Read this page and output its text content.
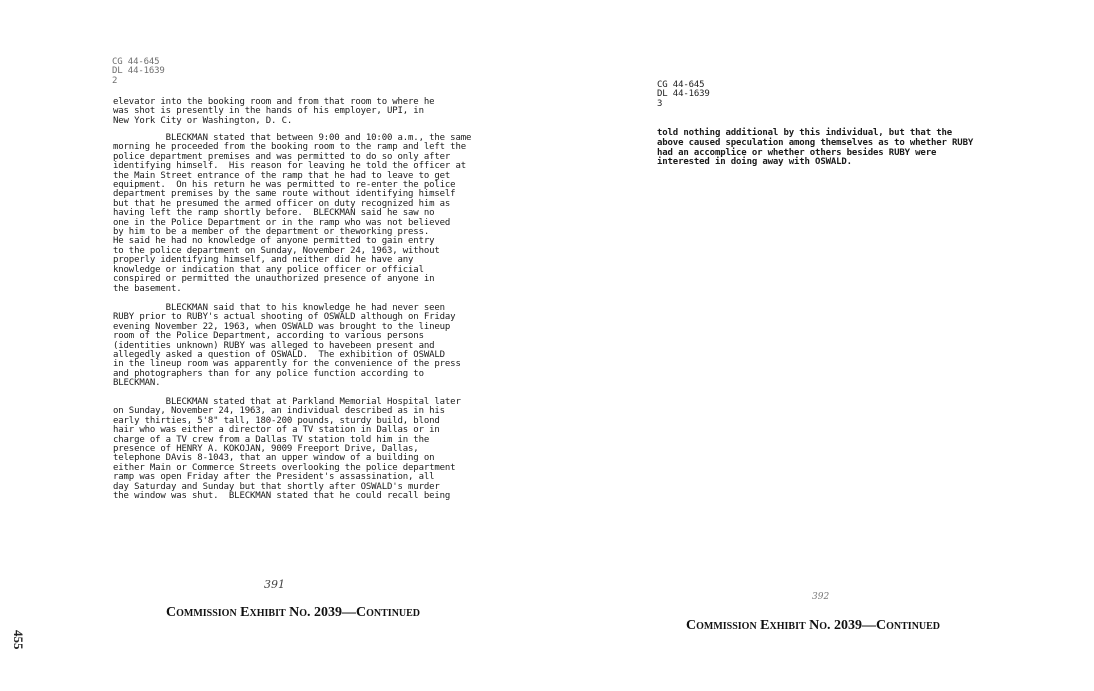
CG 44-645
DL 44-1639
2
elevator into the booking room and from that room to where he
was shot is presently in the hands of his employer, UPI, in
New York City or Washington, D. C.
BLECKMAN stated that between 9:00 and 10:00 a.m., the same
morning he proceeded from the booking room to the ramp and left the
police department premises and was permitted to do so only after
identifying himself.  His reason for leaving he told the officer at
the Main Street entrance of the ramp that he had to leave to get
equipment.  On his return he was permitted to re-enter the police
department premises by the same route without identifying himself
but that he presumed the armed officer on duty recognized him as
having left the ramp shortly before.  BLECKMAN said he saw no
one in the Police Department or in the ramp who was not believed
by him to be a member of the department or theworking press.
He said he had no knowledge of anyone permitted to gain entry
to the police department on Sunday, November 24, 1963, without
properly identifying himself, and neither did he have any
knowledge or indication that any police officer or official
conspired or permitted the unauthorized presence of anyone in
the basement.
BLECKMAN said that to his knowledge he had never seen
RUBY prior to RUBY's actual shooting of OSWALD although on Friday
evening November 22, 1963, when OSWALD was brought to the lineup
room of the Police Department, according to various persons
(identities unknown) RUBY was alleged to havebeen present and
allegedly asked a question of OSWALD.  The exhibition of OSWALD
in the lineup room was apparently for the convenience of the press
and photographers than for any police function according to
BLECKMAN.
BLECKMAN stated that at Parkland Memorial Hospital later
on Sunday, November 24, 1963, an individual described as in his
early thirties, 5'8" tall, 180-200 pounds, sturdy build, blond
hair who was either a director of a TV station in Dallas or in
charge of a TV crew from a Dallas TV station told him in the
presence of HENRY A. KOKOJAN, 9009 Freeport Drive, Dallas,
telephone DAvis 8-1043, that an upper window of a building on
either Main or Commerce Streets overlooking the police department
ramp was open Friday after the President's assassination, all
day Saturday and Sunday but that shortly after OSWALD's murder
the window was shut.  BLECKMAN stated that he could recall being
391
Commission Exhibit No. 2039—Continued
455
CG 44-645
DL 44-1639
3
told nothing additional by this individual, but that the
above caused speculation among themselves as to whether RUBY
had an accomplice or whether others besides RUBY were
interested in doing away with OSWALD.
392
Commission Exhibit No. 2039—Continued
